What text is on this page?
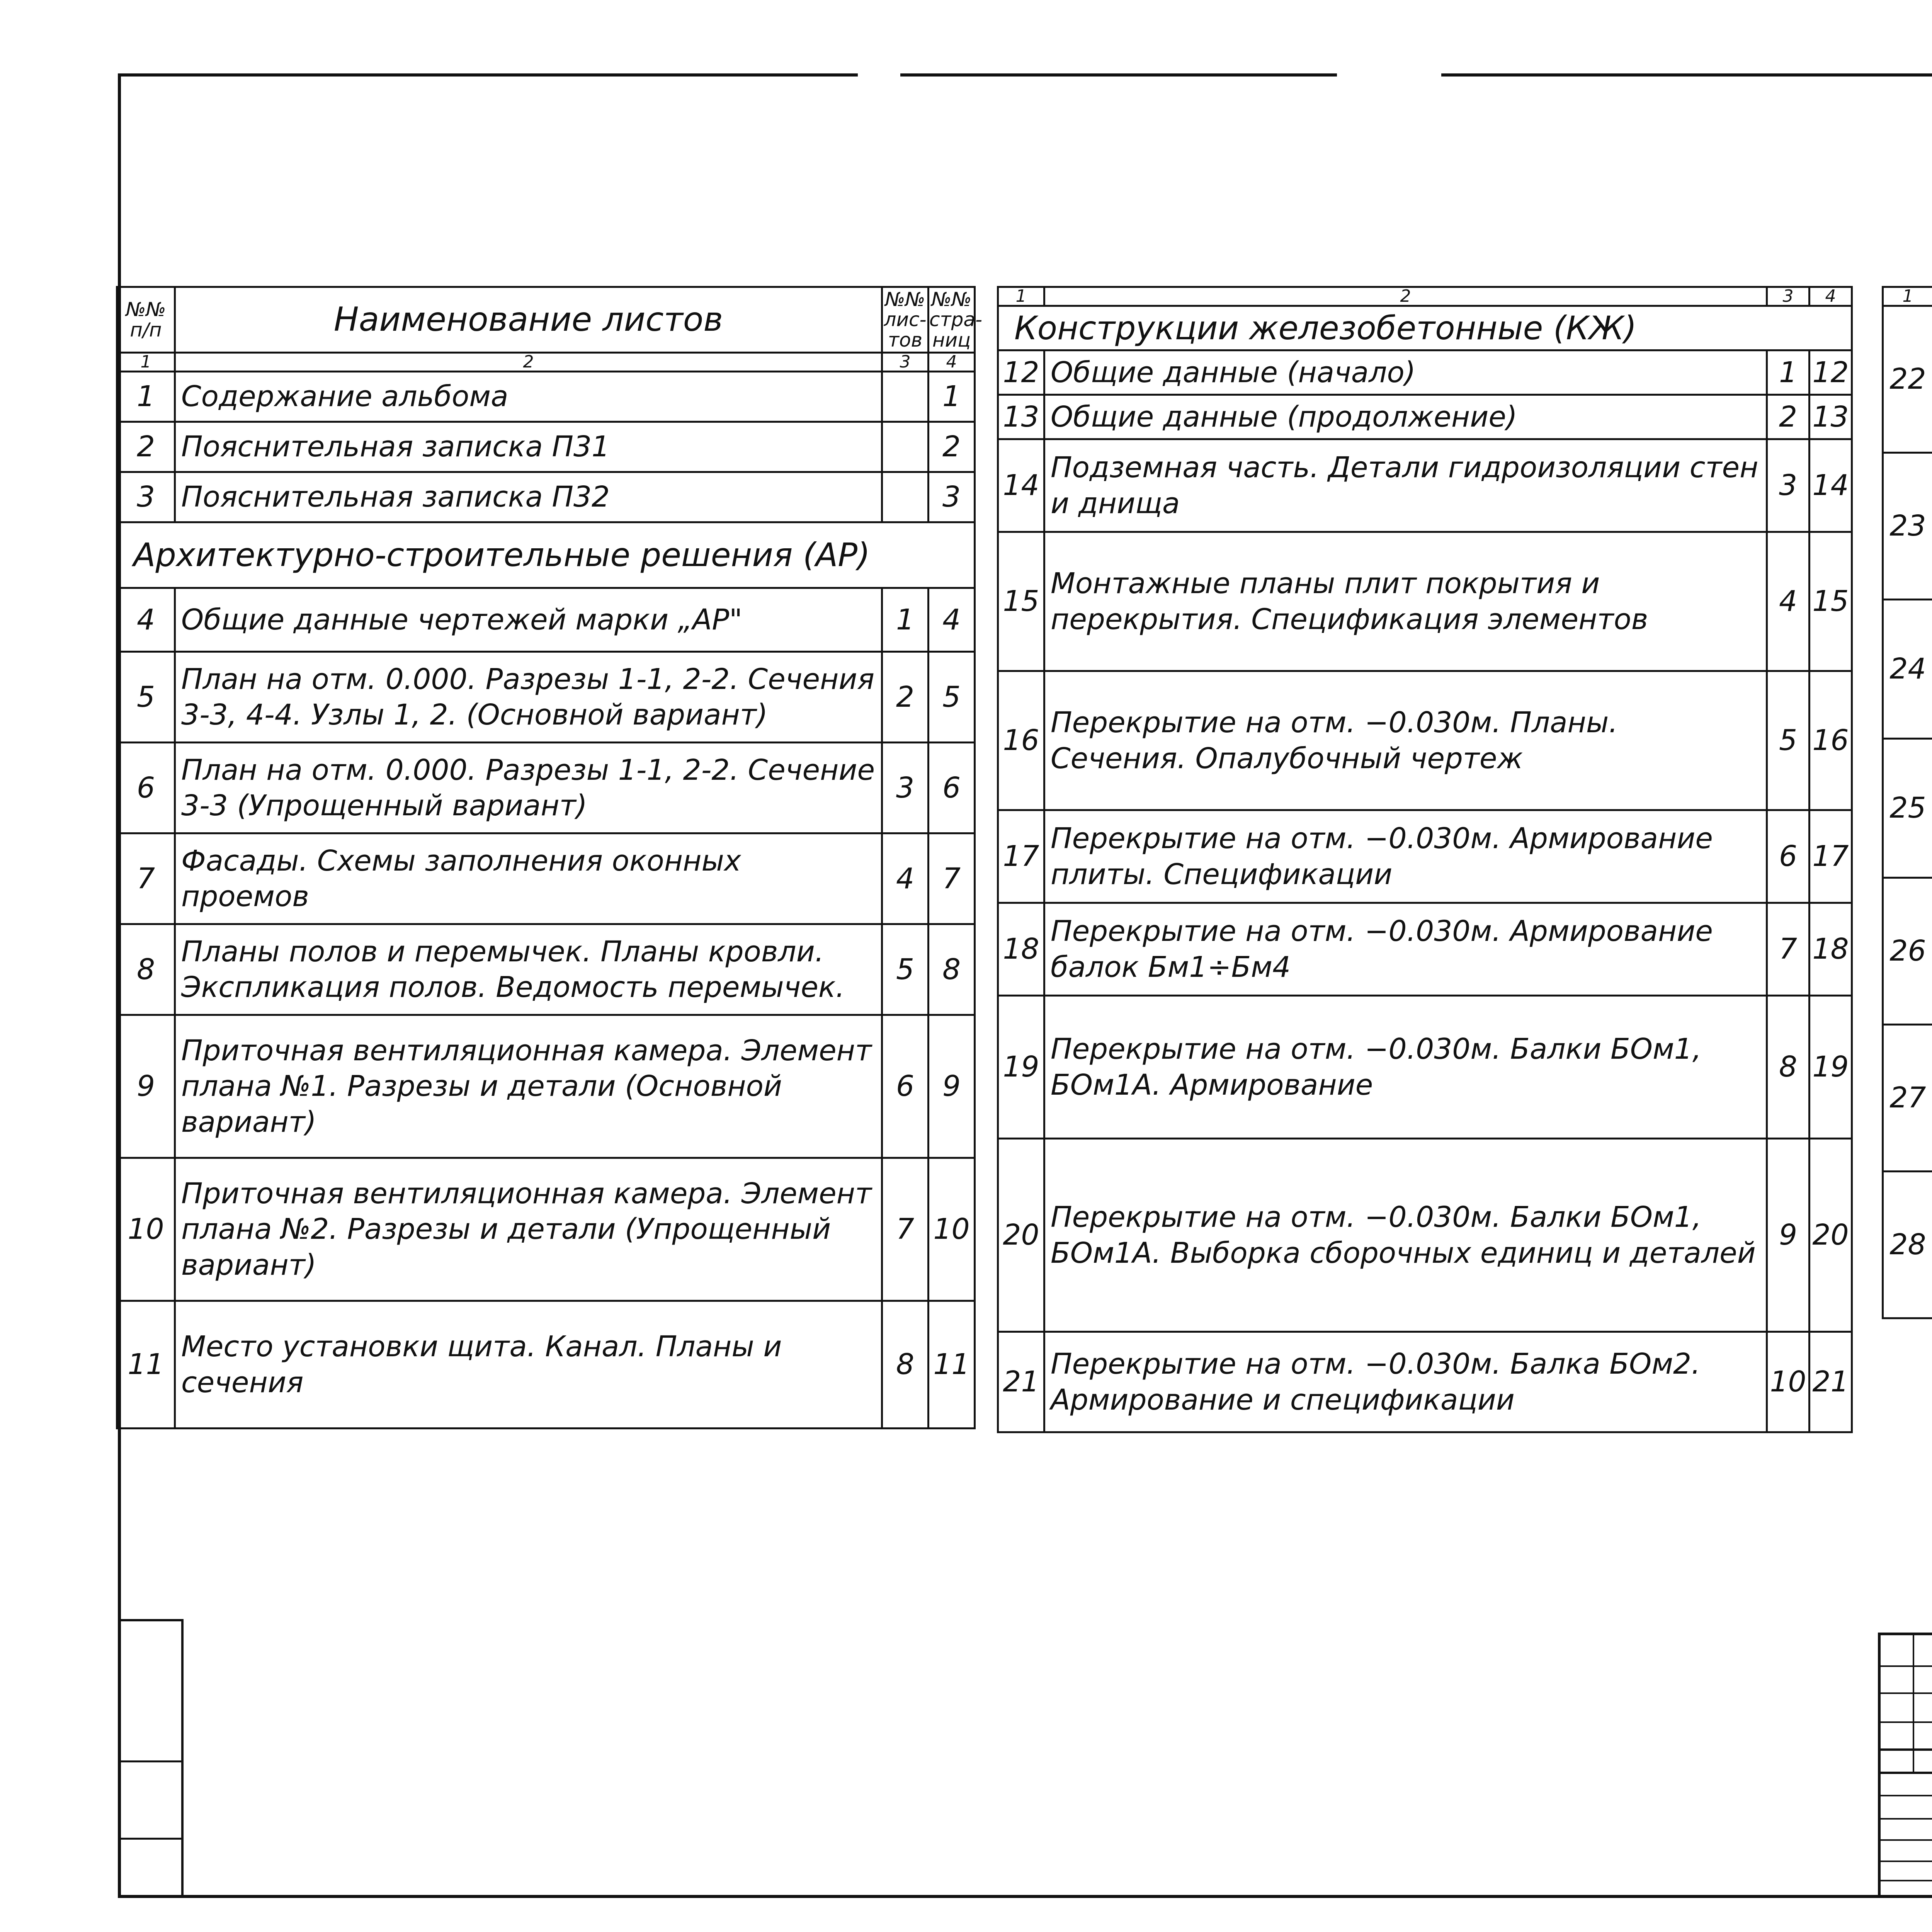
№№ п/п	Наименование листов	№№ лис-тов	№№ стра-ниц
1	2	3	4
1	Содержание альбома		1
2	Пояснительная записка П31		2
3	Пояснительная записка П32		3
Архитектурно-строительные решения (АР)			
4	Общие данные чертежей марки „АР"	1	4
5	План на отм. 0.000. Разрезы 1-1, 2-2. Сечения 3-3, 4-4. Узлы 1, 2. (Основной вариант)	2	5
6	План на отм. 0.000. Разрезы 1-1, 2-2. Сечение 3-3 (Упрощенный вариант)	3	6
7	Фасады. Схемы заполнения оконных проемов	4	7
8	Планы полов и перемычек. Планы кровли. Экспликация полов. Ведомость перемычек.	5	8
9	Приточная вентиляционная камера. Элемент плана №1. Разрезы и детали (Основной вариант)	6	9
10	Приточная вентиляционная камера. Элемент плана №2. Разрезы и детали (Упрощенный вариант)	7	10
11	Место установки щита. Канал. Планы и сечения	8	11
1	2	3	4
Конструкции железобетонные (КЖ)			
12	Общие данные (начало)	1	12
13	Общие данные (продолжение)	2	13
14	Подземная часть. Детали гидроизоляции стен и днища	3	14
15	Монтажные планы плит покрытия и перекрытия. Спецификация элементов	4	15
16	Перекрытие на отм. −0.030м. Планы. Сечения. Опалубочный чертеж	5	16
17	Перекрытие на отм. −0.030м. Армирование плиты. Спецификации	6	17
18	Перекрытие на отм. −0.030м. Армирование балок Бм1÷Бм4	7	18
19	Перекрытие на отм. −0.030м. Балки БОм1, БОм1А. Армирование	8	19
20	Перекрытие на отм. −0.030м. Балки БОм1, БОм1А. Выборка сборочных единиц и деталей	9	20
21	Перекрытие на отм. −0.030м. Балка БОм2. Армирование и спецификации	10	21
1			
22			
23			
24			
25			
26			
27			
28			
